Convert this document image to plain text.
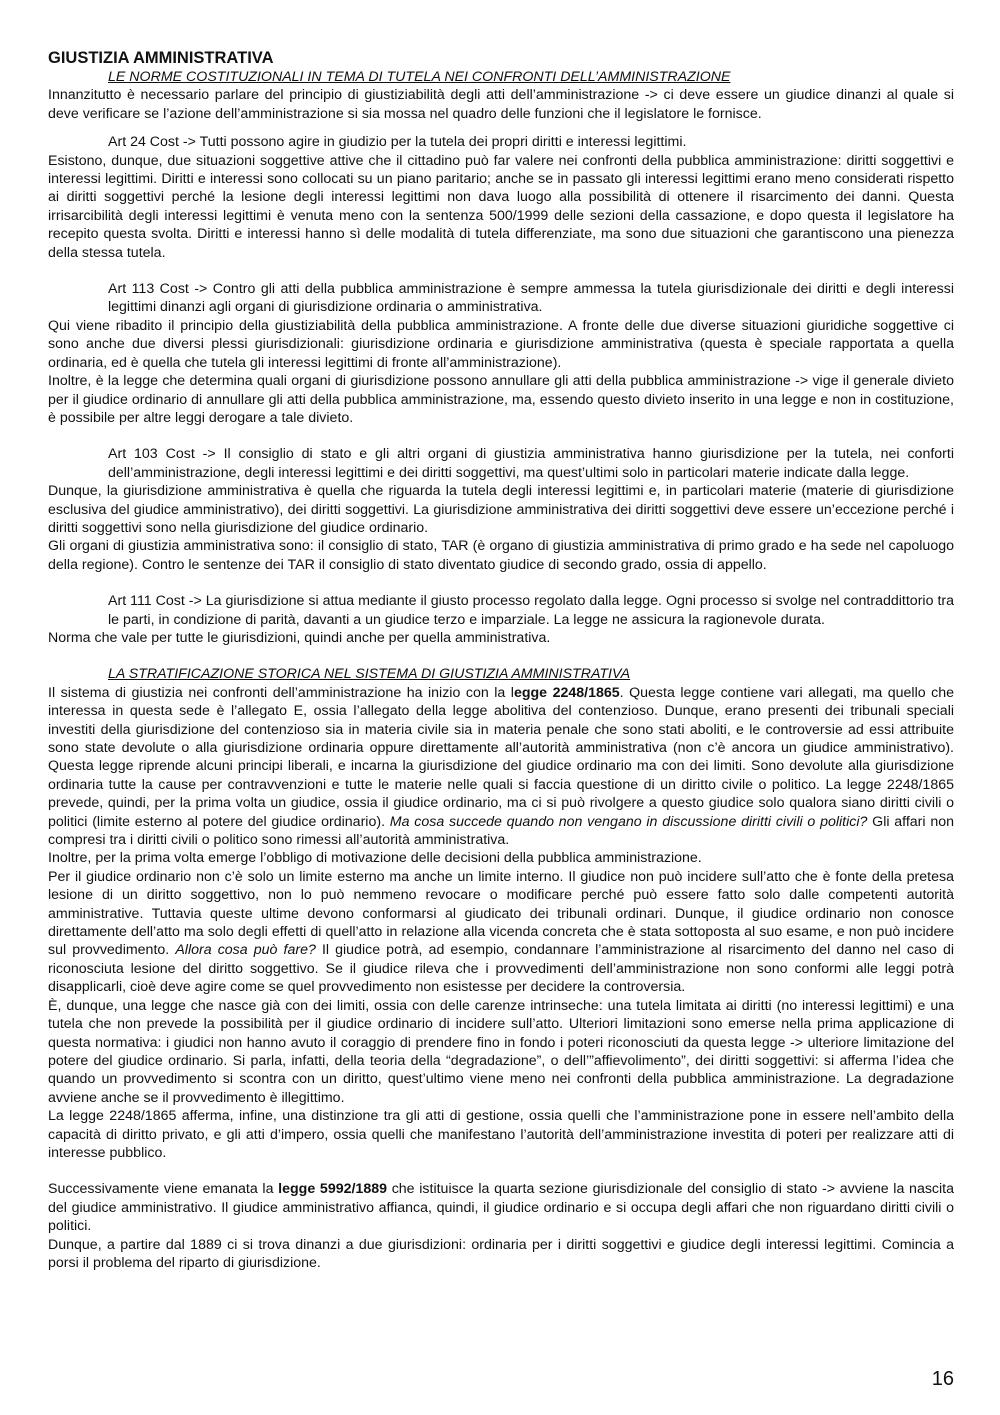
GIUSTIZIA AMMINISTRATIVA

LE NORME COSTITUZIONALI IN TEMA DI TUTELA NEI CONFRONTI DELL’AMMINISTRAZIONE

Innanzitutto è necessario parlare del principio di giustiziabilità degli atti dell’amministrazione -> ci deve essere un giudice dinanzi al quale si deve verificare se l’azione dell’amministrazione si sia mossa nel quadro delle funzioni che il legislatore le fornisce.

Art 24 Cost -> Tutti possono agire in giudizio per la tutela dei propri diritti e interessi legittimi.

Esistono, dunque, due situazioni soggettive attive che il cittadino può far valere nei confronti della pubblica amministrazione: diritti soggettivi e interessi legittimi. Diritti e interessi sono collocati su un piano paritario; anche se in passato gli interessi legittimi erano meno considerati rispetto ai diritti soggettivi perché la lesione degli interessi legittimi non dava luogo alla possibilità di ottenere il risarcimento dei danni. Questa irrisarcibilità degli interessi legittimi è venuta meno con la sentenza 500/1999 delle sezioni della cassazione, e dopo questa il legislatore ha recepito questa svolta. Diritti e interessi hanno sì delle modalità di tutela differenziate, ma sono due situazioni che garantiscono una pienezza della stessa tutela.

Art 113 Cost -> Contro gli atti della pubblica amministrazione è sempre ammessa la tutela giurisdizionale dei diritti e degli interessi legittimi dinanzi agli organi di giurisdizione ordinaria o amministrativa.

Qui viene ribadito il principio della giustiziabilità della pubblica amministrazione. A fronte delle due diverse situazioni giuridiche soggettive ci sono anche due diversi plessi giurisdizionali: giurisdizione ordinaria e giurisdizione amministrativa (questa è speciale rapportata a quella ordinaria, ed è quella che tutela gli interessi legittimi di fronte all’amministrazione).

Inoltre, è la legge che determina quali organi di giurisdizione possono annullare gli atti della pubblica amministrazione -> vige il generale divieto per il giudice ordinario di annullare gli atti della pubblica amministrazione, ma, essendo questo divieto inserito in una legge e non in costituzione, è possibile per altre leggi derogare a tale divieto.

Art 103 Cost -> Il consiglio di stato e gli altri organi di giustizia amministrativa hanno giurisdizione per la tutela, nei conforti dell’amministrazione, degli interessi legittimi e dei diritti soggettivi, ma quest’ultimi solo in particolari materie indicate dalla legge.

Dunque, la giurisdizione amministrativa è quella che riguarda la tutela degli interessi legittimi e, in particolari materie (materie di giurisdizione esclusiva del giudice amministrativo), dei diritti soggettivi. La giurisdizione amministrativa dei diritti soggettivi deve essere un’eccezione perché i diritti soggettivi sono nella giurisdizione del giudice ordinario.

Gli organi di giustizia amministrativa sono: il consiglio di stato, TAR (è organo di giustizia amministrativa di primo grado e ha sede nel capoluogo della regione). Contro le sentenze dei TAR il consiglio di stato diventato giudice di secondo grado, ossia di appello.

Art 111 Cost -> La giurisdizione si attua mediante il giusto processo regolato dalla legge. Ogni processo si svolge nel contraddittorio tra le parti, in condizione di parità, davanti a un giudice terzo e imparziale. La legge ne assicura la ragionevole durata.

Norma che vale per tutte le giurisdizioni, quindi anche per quella amministrativa.

LA STRATIFICAZIONE STORICA NEL SISTEMA DI GIUSTIZIA AMMINISTRATIVA

Il sistema di giustizia nei confronti dell’amministrazione ha inizio con la legge 2248/1865. Questa legge contiene vari allegati, ma quello che interessa in questa sede è l’allegato E, ossia l’allegato della legge abolitiva del contenzioso. Dunque, erano presenti dei tribunali speciali investiti della giurisdizione del contenzioso sia in materia civile sia in materia penale che sono stati aboliti, e le controversie ad essi attribuite sono state devolute o alla giurisdizione ordinaria oppure direttamente all’autorità amministrativa (non c’è ancora un giudice amministrativo). Questa legge riprende alcuni principi liberali, e incarna la giurisdizione del giudice ordinario ma con dei limiti. Sono devolute alla giurisdizione ordinaria tutte la cause per contravvenzioni e tutte le materie nelle quali si faccia questione di un diritto civile o politico. La legge 2248/1865 prevede, quindi, per la prima volta un giudice, ossia il giudice ordinario, ma ci si può rivolgere a questo giudice solo qualora siano diritti civili o politici (limite esterno al potere del giudice ordinario). Ma cosa succede quando non vengano in discussione diritti civili o politici? Gli affari non compresi tra i diritti civili o politico sono rimessi all’autorità amministrativa.

Inoltre, per la prima volta emerge l’obbligo di motivazione delle decisioni della pubblica amministrazione.

Per il giudice ordinario non c’è solo un limite esterno ma anche un limite interno. Il giudice non può incidere sull’atto che è fonte della pretesa lesione di un diritto soggettivo, non lo può nemmeno revocare o modificare perché può essere fatto solo dalle competenti autorità amministrative. Tuttavia queste ultime devono conformarsi al giudicato dei tribunali ordinari. Dunque, il giudice ordinario non conosce direttamente dell’atto ma solo degli effetti di quell’atto in relazione alla vicenda concreta che è stata sottoposta al suo esame, e non può incidere sul provvedimento. Allora cosa può fare? Il giudice potrà, ad esempio, condannare l’amministrazione al risarcimento del danno nel caso di riconosciuta lesione del diritto soggettivo. Se il giudice rileva che i provvedimenti dell’amministrazione non sono conformi alle leggi potrà disapplicarli, cioè deve agire come se quel provvedimento non esistesse per decidere la controversia.

È, dunque, una legge che nasce già con dei limiti, ossia con delle carenze intrinseche: una tutela limitata ai diritti (no interessi legittimi) e una tutela che non prevede la possibilità per il giudice ordinario di incidere sull’atto. Ulteriori limitazioni sono emerse nella prima applicazione di questa normativa: i giudici non hanno avuto il coraggio di prendere fino in fondo i poteri riconosciuti da questa legge -> ulteriore limitazione del potere del giudice ordinario. Si parla, infatti, della teoria della “degradazione”, o dell’”affievolimento”, dei diritti soggettivi: si afferma l’idea che quando un provvedimento si scontra con un diritto, quest’ultimo viene meno nei confronti della pubblica amministrazione. La degradazione avviene anche se il provvedimento è illegittimo.

La legge 2248/1865 afferma, infine, una distinzione tra gli atti di gestione, ossia quelli che l’amministrazione pone in essere nell’ambito della capacità di diritto privato, e gli atti d’impero, ossia quelli che manifestano l’autorità dell’amministrazione investita di poteri per realizzare atti di interesse pubblico.

Successivamente viene emanata la legge 5992/1889 che istituisce la quarta sezione giurisdizionale del consiglio di stato -> avviene la nascita del giudice amministrativo. Il giudice amministrativo affianca, quindi, il giudice ordinario e si occupa degli affari che non riguardano diritti civili o politici.

Dunque, a partire dal 1889 ci si trova dinanzi a due giurisdizioni: ordinaria per i diritti soggettivi e giudice degli interessi legittimi. Comincia a porsi il problema del riparto di giurisdizione.

16
